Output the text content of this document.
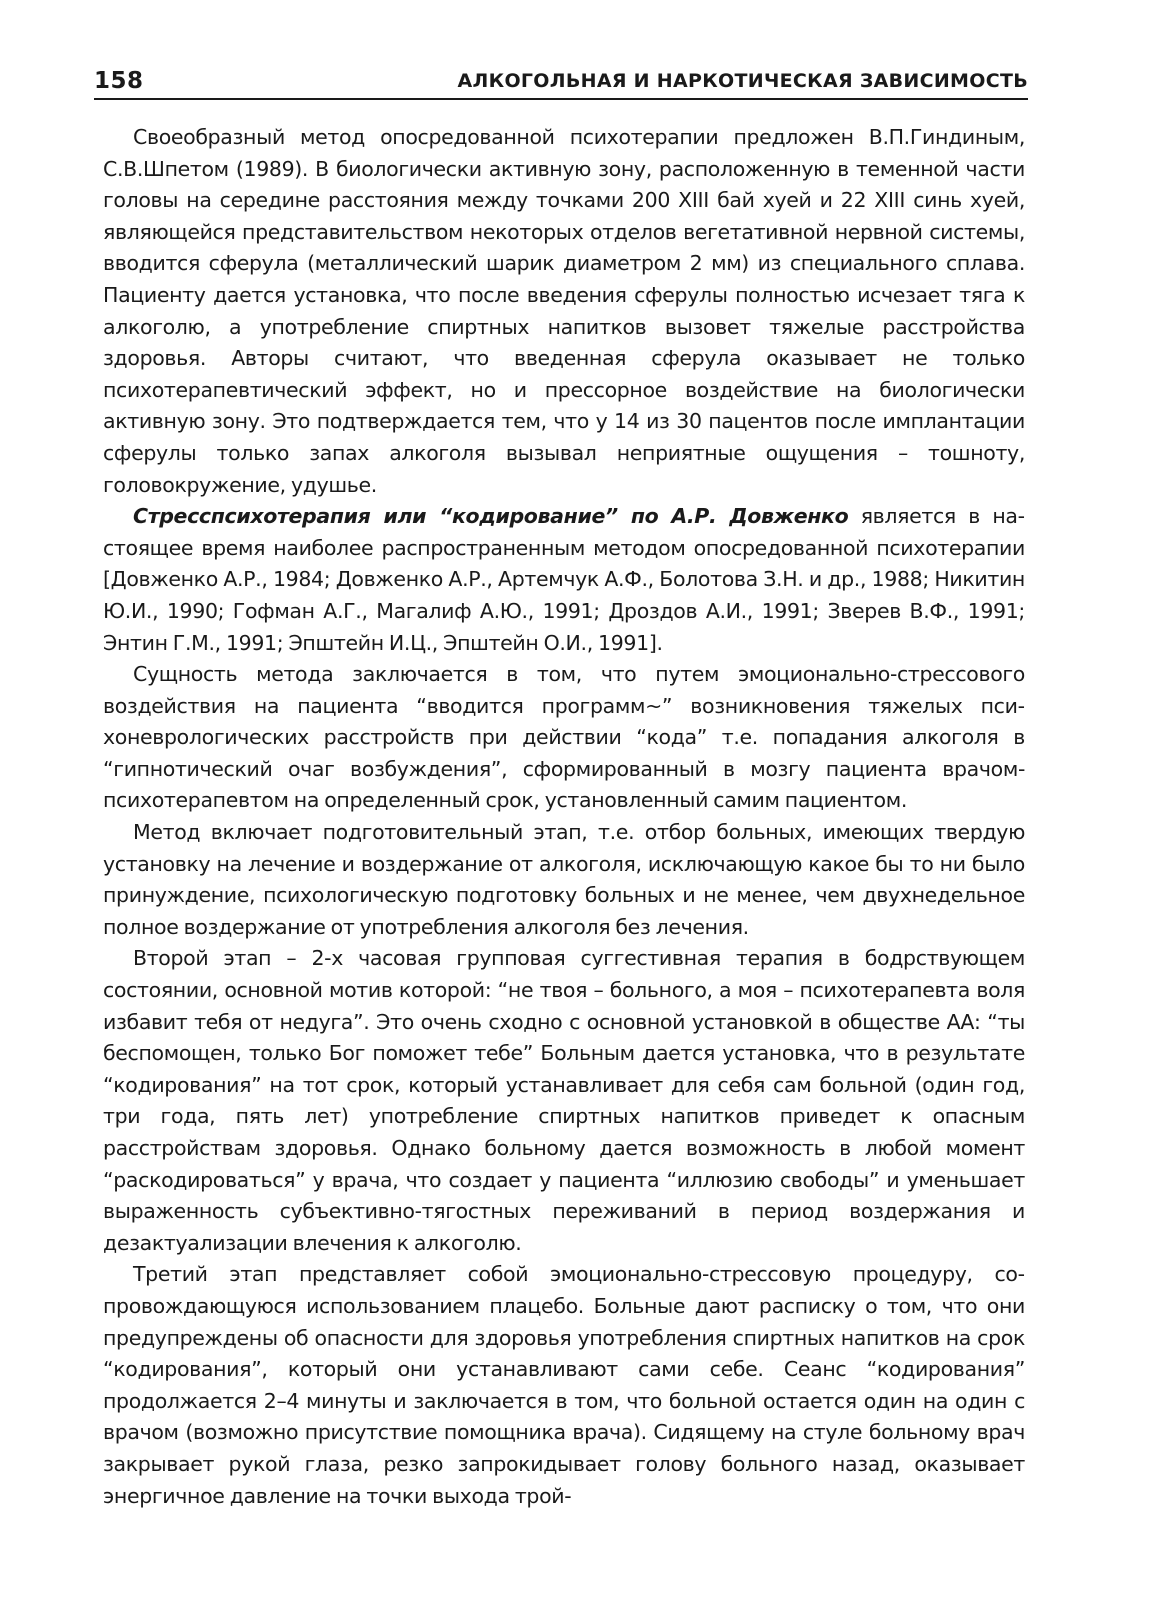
158	АЛКОГОЛЬНАЯ И НАРКОТИЧЕСКАЯ ЗАВИСИМОСТЬ

Своеобразный метод опосредованной психотерапии предложен В.П.Гиндиным, С.В.Шпетом (1989). В биологически активную зону, расположенную в теменной части головы на середине расстояния между точками 200 XIII бай хуей и 22 XIII синь хуей, являющейся представительством некоторых отделов вегетативной нервной системы, вводится сферула (металлический шарик диаметром 2 мм) из специального сплава. Пациенту дается установка, что после введения сферулы полностью исчезает тяга к алкоголю, а употребление спиртных напитков вызовет тяжелые расстройства здоровья. Авторы считают, что введенная сферула оказывает не только психотерапевтический эффект, но и прессорное воздействие на биологически активную зону. Это подтверждается тем, что у 14 из 30 пацентов после имплантации сферулы только запах алкоголя вызывал неприятные ощущения – тошноту, головокружение, удушье.

Стресспсихотерапия или “кодирование” по А.Р. Довженко является в настоящее время наиболее распространенным методом опосредованной психотерапии [Довженко А.Р., 1984; Довженко А.Р., Артемчук А.Ф., Болотова З.Н. и др., 1988; Никитин Ю.И., 1990; Гофман А.Г., Магалиф А.Ю., 1991; Дроздов А.И., 1991; Зверев В.Ф., 1991; Энтин Г.М., 1991; Эпштейн И.Ц., Эпштейн О.И., 1991].

Сущность метода заключается в том, что путем эмоционально-стрессового воздействия на пациента “вводится программ~” возникновения тяжелых психоневрологических расстройств при действии “кода” т.е. попадания алкоголя в “гипнотический очаг возбуждения”, сформированный в мозгу пациента врачом-психотерапевтом на определенный срок, установленный самим пациентом.

Метод включает подготовительный этап, т.е. отбор больных, имеющих твердую установку на лечение и воздержание от алкоголя, исключающую какое бы то ни было принуждение, психологическую подготовку больных и не менее, чем двухнедельное полное воздержание от употребления алкоголя без лечения.

Второй этап – 2-х часовая групповая суггестивная терапия в бодрствующем состоянии, основной мотив которой: “не твоя – больного, а моя – психотерапевта воля избавит тебя от недуга”. Это очень сходно с основной установкой в обществе АА: “ты беспомощен, только Бог поможет тебе” Больным дается установка, что в результате “кодирования” на тот срок, который устанавливает для себя сам больной (один год, три года, пять лет) употребление спиртных напитков приведет к опасным расстройствам здоровья. Однако больному дается возможность в любой момент “раскодироваться” у врача, что создает у пациента “иллюзию свободы” и уменьшает выраженность субъективно-тягостных переживаний в период воздержания и дезактуализации влечения к алкоголю.

Третий этап представляет собой эмоционально-стрессовую процедуру, сопровождающуюся использованием плацебо. Больные дают расписку о том, что они предупреждены об опасности для здоровья употребления спиртных напитков на срок “кодирования”, который они устанавливают сами себе. Сеанс “кодирования” продолжается 2–4 минуты и заключается в том, что больной остается один на один с врачом (возможно присутствие помощника врача). Сидящему на стуле больному врач закрывает рукой глаза, резко запрокидывает голову больного назад, оказывает энергичное давление на точки выхода трой-
